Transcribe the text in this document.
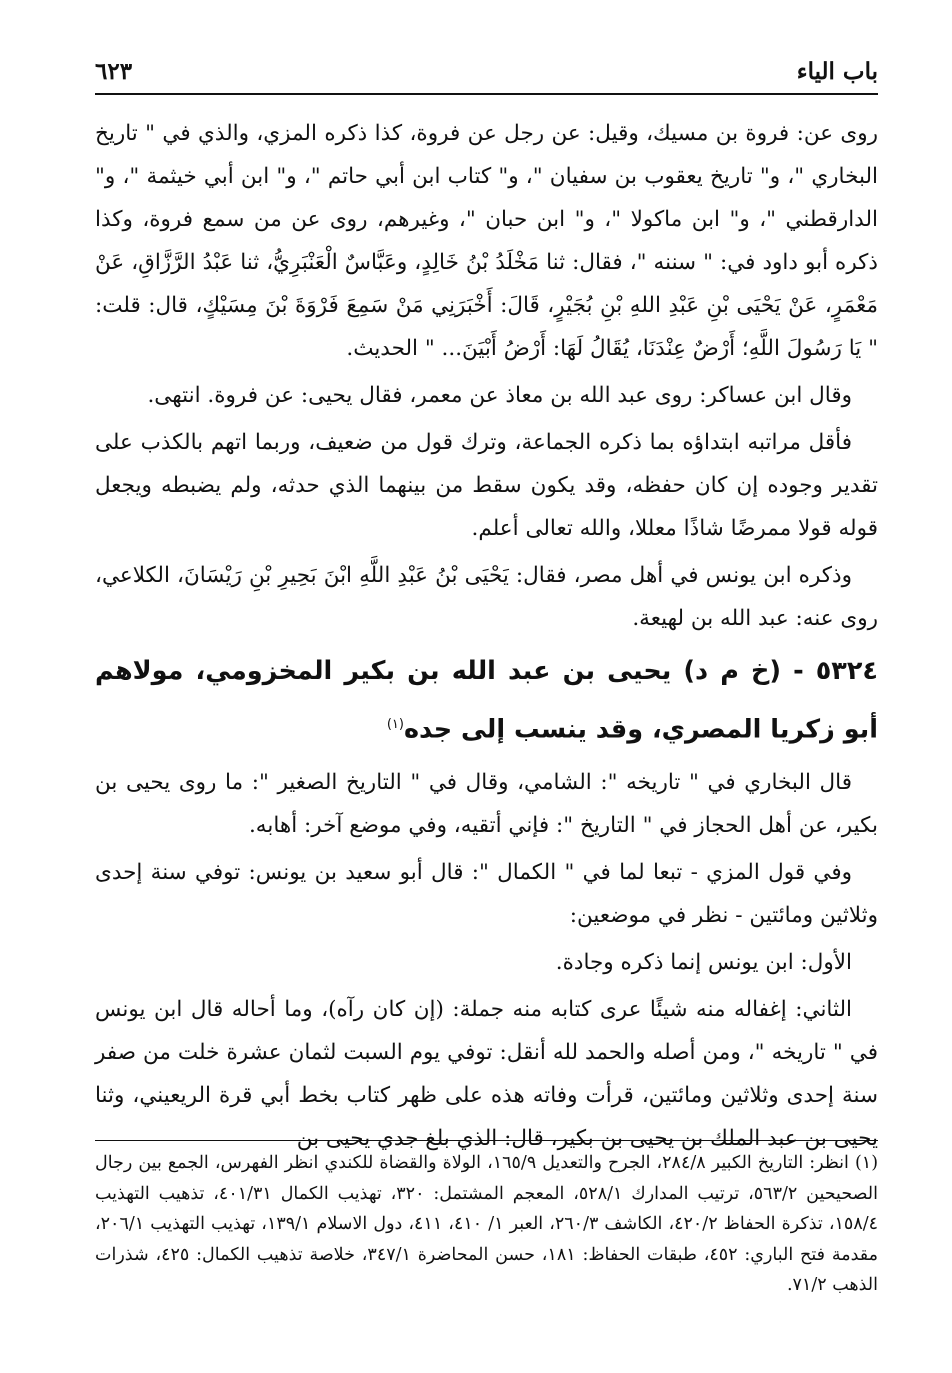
باب الياء
٦٢٣

روى عن: فروة بن مسيك، وقيل: عن رجل عن فروة، كذا ذكره المزي، والذي في " تاريخ البخاري "، و" تاريخ يعقوب بن سفيان "، و" كتاب ابن أبي حاتم "، و" ابن أبي خيثمة "، و" الدارقطني "، و" ابن ماكولا "، و" ابن حبان "، وغيرهم، روى عن من سمع فروة، وكذا ذكره أبو داود في: " سننه "، فقال: ثنا مَخْلَدُ بْنُ خَالِدٍ، وعَبَّاسٌ الْعَنْبَرِيُّ، ثنا عَبْدُ الرَّزَّاقِ، عَنْ مَعْمَرٍ، عَنْ يَحْيَى بْنِ عَبْدِ اللهِ بْنِ بُجَيْرٍ، قَالَ: أَخْبَرَنِي مَنْ سَمِعَ فَرْوَةَ بْنَ مِسَيْكٍ، قال: قلت: " يَا رَسُولَ اللَّهِ؛ أَرْضٌ عِنْدَنَا، يُقَالُ لَهَا: أَرْضُ أَبْيَنَ... " الحديث.

وقال ابن عساكر: روى عبد الله بن معاذ عن معمر، فقال يحيى: عن فروة. انتهى.

فأقل مراتبه ابتداؤه بما ذكره الجماعة، وترك قول من ضعيف، وربما اتهم بالكذب على تقدير وجوده إن كان حفظه، وقد يكون سقط من بينهما الذي حدثه، ولم يضبطه ويجعل قوله قولا ممرضًا شاذًا معللا، والله تعالى أعلم.

وذكره ابن يونس في أهل مصر، فقال: يَحْيَى بْنُ عَبْدِ اللَّهِ ابْنَ بَحِيرِ بْنِ رَيْسَانَ، الكلاعي، روى عنه: عبد الله بن لهيعة.

٥٣٢٤ - (خ م د) يحيى بن عبد الله بن بكير المخزومي، مولاهم أبو زكريا المصري، وقد ينسب إلى جده$^{(١)}$

قال البخاري في " تاريخه ": الشامي، وقال في " التاريخ الصغير ": ما روى يحيى بن بكير، عن أهل الحجاز في " التاريخ ": فإني أتقيه، وفي موضع آخر: أهابه.

وفي قول المزي - تبعا لما في " الكمال ": قال أبو سعيد بن يونس: توفي سنة إحدى وثلاثين ومائتين - نظر في موضعين:

الأول: ابن يونس إنما ذكره وجادة.

الثاني: إغفاله منه شيئًا عرى كتابه منه جملة: (إن كان رآه)، وما أحاله قال ابن يونس في " تاريخه "، ومن أصله والحمد لله أنقل: توفي يوم السبت لثمان عشرة خلت من صفر سنة إحدى وثلاثين ومائتين، قرأت وفاته هذه على ظهر كتاب بخط أبي قرة الريعيني، وثنا يحيى بن عبد الملك بن يحيى بن بكير، قال: الذي بلغ جدي يحيى بن

(١) انظر: التاريخ الكبير ٢٨٤/٨، الجرح والتعديل ١٦٥/٩، الولاة والقضاة للكندي انظر الفهرس، الجمع بين رجال الصحيحين ٥٦٣/٢، ترتيب المدارك ٥٢٨/١، المعجم المشتمل: ٣٢٠، تهذيب الكمال ٤٠١/٣١، تذهيب التهذيب ١٥٨/٤، تذكرة الحفاظ ٤٢٠/٢، الكاشف ٢٦٠/٣، العبر ١/ ٤١٠، ٤١١، دول الاسلام ١٣٩/١، تهذيب التهذيب ٢٠٦/١، مقدمة فتح الباري: ٤٥٢، طبقات الحفاظ: ١٨١، حسن المحاضرة ٣٤٧/١، خلاصة تذهيب الكمال: ٤٢٥، شذرات الذهب ٧١/٢.
